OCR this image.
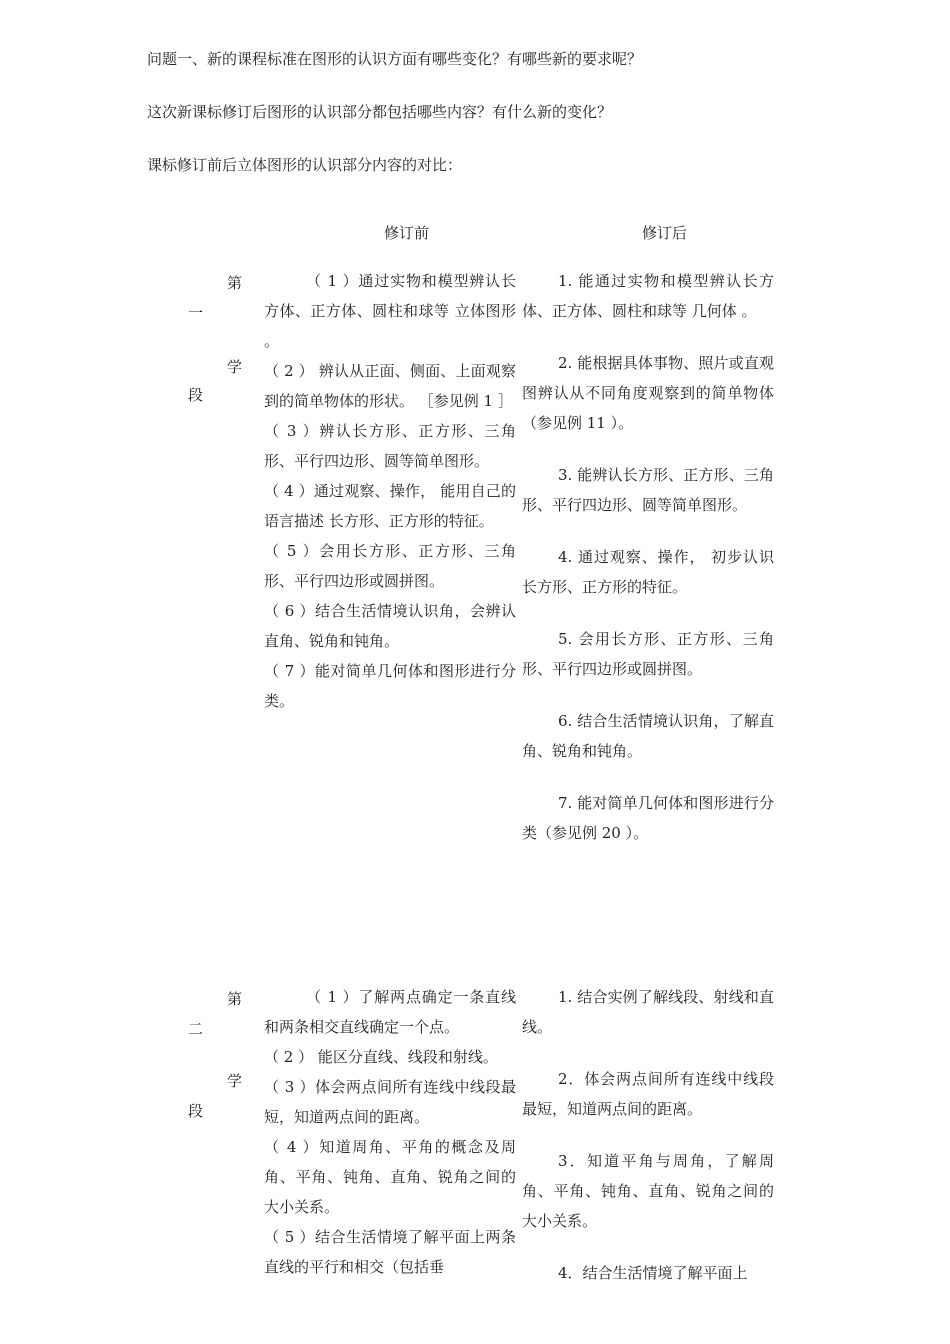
问题一、新的课程标准在图形的认识方面有哪些变化？有哪些新的要求呢？
这次新课标修订后图形的认识部分都包括哪些内容？有什么新的变化？
课标修订前后立体图形的认识部分内容的对比：
修订前	修订后
第
一
学
段

（ 1 ）通过实物和模型辨认长方体、正方体、圆柱和球等 立体图形 。

（ 2 ） 辨认从正面、侧面、上面观察到的简单物体的形状。 ［参见例 1 ］

（ 3 ）辨认长方形、正方形、三角形、平行四边形、圆等简单图形。

（ 4 ）通过观察、操作， 能用自己的语言描述 长方形、正方形的特征。

（ 5 ）会用长方形、正方形、三角形、平行四边形或圆拼图。

（ 6 ）结合生活情境认识角，会辨认直角、锐角和钝角。

（ 7 ）能对简单几何体和图形进行分类。

1. 能通过实物和模型辨认长方体、正方体、圆柱和球等 几何体 。

2. 能根据具体事物、照片或直观图辨认从不同角度观察到的简单物体 （参见例 11 ）。

3. 能辨认长方形、正方形、三角形、平行四边形、圆等简单图形。

4. 通过观察、操作， 初步认识 长方形、正方形的特征。

5. 会用长方形、正方形、三角形、平行四边形或圆拼图。

6. 结合生活情境认识角，了解直角、锐角和钝角。

7. 能对简单几何体和图形进行分类（参见例 20 ）。

第
二
学
段

（ 1 ）了解两点确定一条直线和两条相交直线确定一个点。

（ 2 ） 能区分直线、线段和射线。

（ 3 ）体会两点间所有连线中线段最短，知道两点间的距离。

（ 4 ）知道周角、平角的概念及周角、平角、钝角、直角、锐角之间的大小关系。

（ 5 ）结合生活情境了解平面上两条直线的平行和相交（包括垂

1. 结合实例了解线段、射线和直线。

2．体会两点间所有连线中线段最短，知道两点间的距离。

3．知道平角与周角，了解周角、平角、钝角、直角、锐角之间的大小关系。

4．结合生活情境了解平面上
